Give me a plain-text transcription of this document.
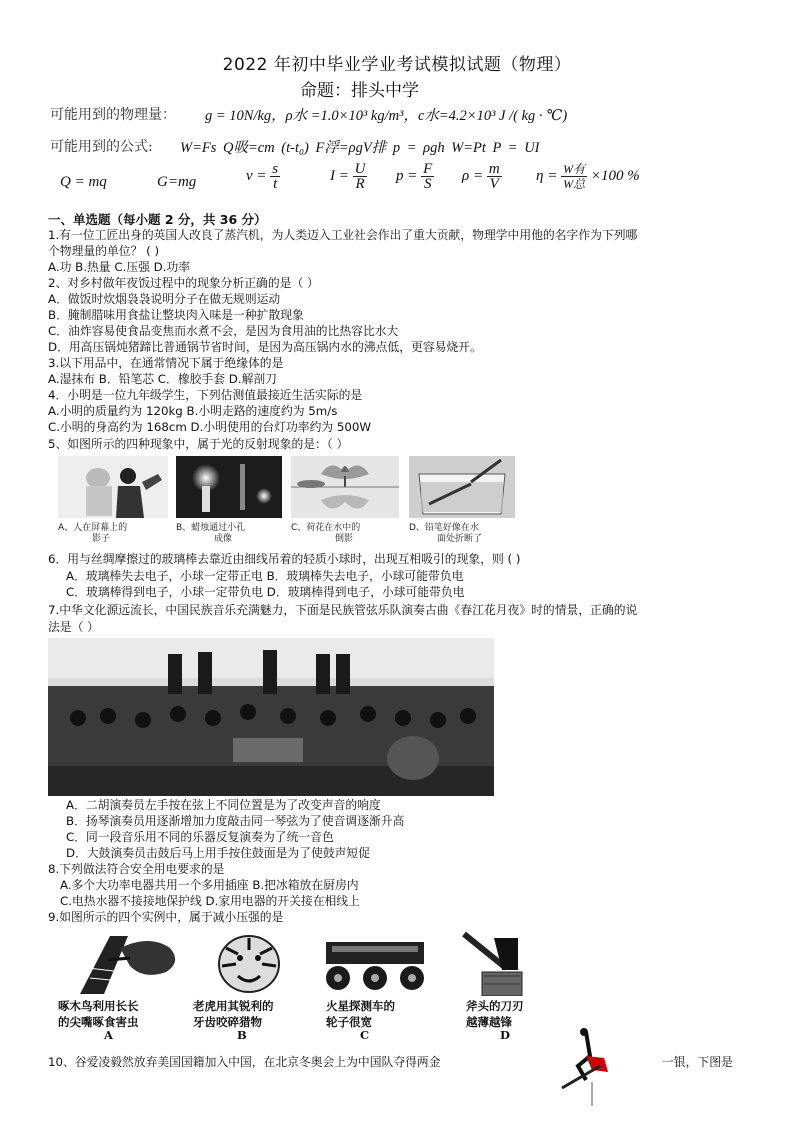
2022 年初中毕业学业考试模拟试题（物理）
命题：排头中学
可能用到的物理量： g = 10N/kg，ρ水 =1.0×10³ kg/m³，c水=4.2×10³ J /( kg · ℃)
可能用到的公式: W=Fs Q吸=cm (t-t₀) F浮=ρgV排 p = ρgh W=Pt P = UI
Q = mq	G=mg	$v = \frac{s}{t}$	$I = \frac{U}{R}$ $p = \frac{F}{S}$ $\rho = \frac{m}{V}$ $\eta = \frac{\text{W有}}{\text{W总}} \times 100$ %
一、单选题（每小题 2 分，共 36 分）
1.有一位工匠出身的英国人改良了蒸汽机，为人类迈入工业社会作出了重大贡献，物理学中用他的名字作为下列哪
个物理量的单位？ ( )
A.功 B.热量 C.压强 D.功率
2、对乡村做年夜饭过程中的现象分析正确的是（ ）
A．做饭时炊烟袅袅说明分子在做无规则运动
B．腌制腊味用食盐让整块肉入味是一种扩散现象
C．油炸容易使食品变焦而水煮不会，是因为食用油的比热容比水大
D．用高压锅炖猪蹄比普通锅节省时间，是因为高压锅内水的沸点低，更容易烧开。
3.以下用品中，在通常情况下属于绝缘体的是
A.湿抹布 B．铅笔芯 C．橡胶手套 D.解剖刀
4．小明是一位九年级学生，下列估测值最接近生活实际的是
A.小明的质量约为 120kg B.小明走路的速度约为 5m/s
C.小明的身高约为 168cm D.小明使用的台灯功率约为 500W
5、如图所示的四种现象中，属于光的反射现象的是：（ ）
A、人在屏幕上的
影子
B、蜡烛通过小孔
成像
C、荷花在水中的
倒影
D、铅笔好像在水
面处折断了
6．用与丝绸摩擦过的玻璃棒去靠近由细线吊着的轻质小球时，出现互相吸引的现象，则 ( )
A．玻璃棒失去电子，小球一定带正电 B．玻璃棒失去电子，小球可能带负电
C．玻璃棒得到电子，小球一定带负电 D．玻璃棒得到电子，小球可能带负电
7.中华文化源远流长，中国民族音乐充满魅力，下面是民族管弦乐队演奏古曲《春江花月夜》时的情景，正确的说
法是（ ）
A．二胡演奏员左手按在弦上不同位置是为了改变声音的响度
B．扬琴演奏员用逐渐增加力度敲击同一琴弦为了使音调逐渐升高
C．同一段音乐用不同的乐器反复演奏为了统一音色
D．大鼓演奏员击鼓后马上用手按住鼓面是为了使鼓声短促
8.下列做法符合安全用电要求的是
A.多个大功率电器共用一个多用插座 B.把冰箱放在厨房内
C.电热水器不接接地保护线 D.家用电器的开关接在相线上
9.如图所示的四个实例中，属于减小压强的是
啄木鸟利用长长
的尖嘴啄食害虫
A
老虎用其锐利的
牙齿咬碎猎物
B
火星探测车的
轮子很宽
C
斧头的刀刃
越薄越锋
D
10、谷爱凌毅然放弃美国国籍加入中国，在北京冬奥会上为中国队夺得两金	一银，下图是
